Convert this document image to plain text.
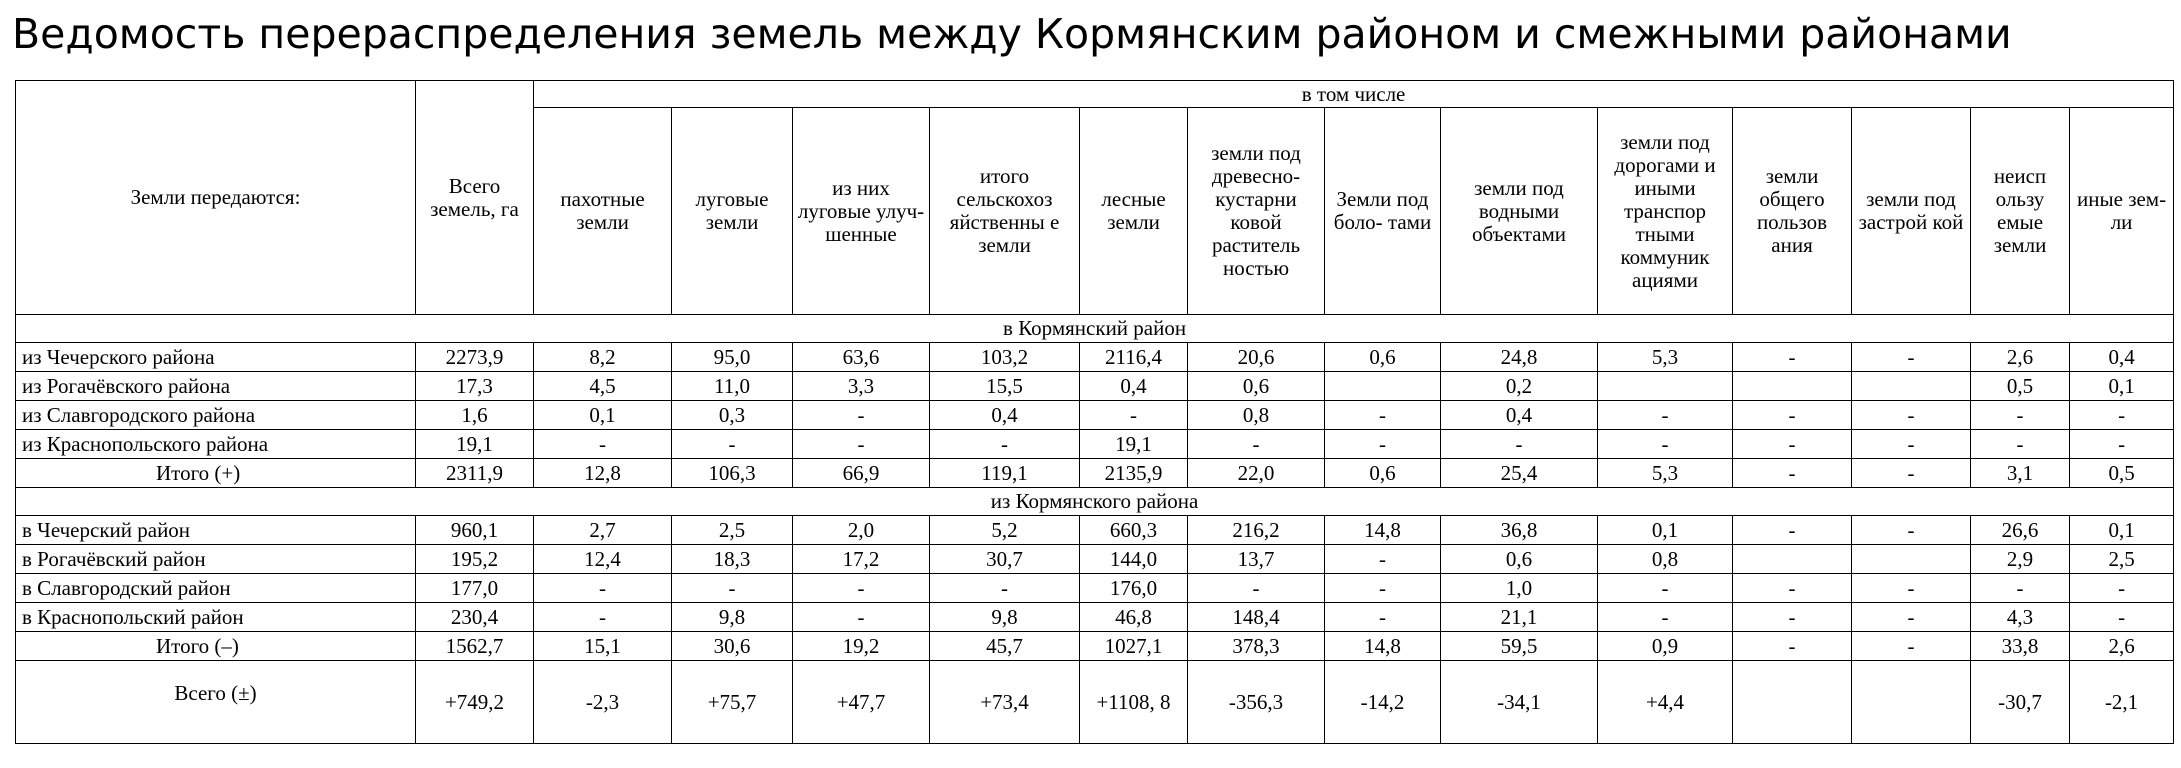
Ведомость перераспределения земель между Кормянским районом и смежными районами
Земли передаются:	Всего земель, га	в том числе												
		пахотные земли	луговые земли	из них луговые улуч- шенные	итого сельскохоз яйственны е земли	лесные земли	земли под древесно- кустарни ковой раститель ностью	Земли под боло- тами	земли под водными объектами	земли под дорогами и иными транспор тными коммуник ациями	земли общего пользов ания	земли под застрой кой	неисп ользу емые земли	иные зем- ли
в Кормянский район														
из Чечерского района	2273,9	8,2	95,0	63,6	103,2	2116,4	20,6	0,6	24,8	5,3	-	-	2,6	0,4
из Рогачёвского района	17,3	4,5	11,0	3,3	15,5	0,4	0,6		0,2				0,5	0,1
из Славгородского района	1,6	0,1	0,3	-	0,4	-	0,8	-	0,4	-	-	-	-	-
из Краснопольского района	19,1	-	-	-	-	19,1	-	-	-	-	-	-	-	-
Итого (+)	2311,9	12,8	106,3	66,9	119,1	2135,9	22,0	0,6	25,4	5,3	-	-	3,1	0,5
из Кормянского района														
в Чечерский район	960,1	2,7	2,5	2,0	5,2	660,3	216,2	14,8	36,8	0,1	-	-	26,6	0,1
в Рогачёвский район	195,2	12,4	18,3	17,2	30,7	144,0	13,7	-	0,6	0,8			2,9	2,5
в Славгородский район	177,0	-	-	-	-	176,0	-	-	1,0	-	-	-	-	-
в Краснопольский район	230,4	-	9,8	-	9,8	46,8	148,4	-	21,1	-	-	-	4,3	-
Итого (–)	1562,7	15,1	30,6	19,2	45,7	1027,1	378,3	14,8	59,5	0,9	-	-	33,8	2,6
Всего (±)	+749,2	-2,3	+75,7	+47,7	+73,4	+1108, 8	-356,3	-14,2	-34,1	+4,4			-30,7	-2,1
